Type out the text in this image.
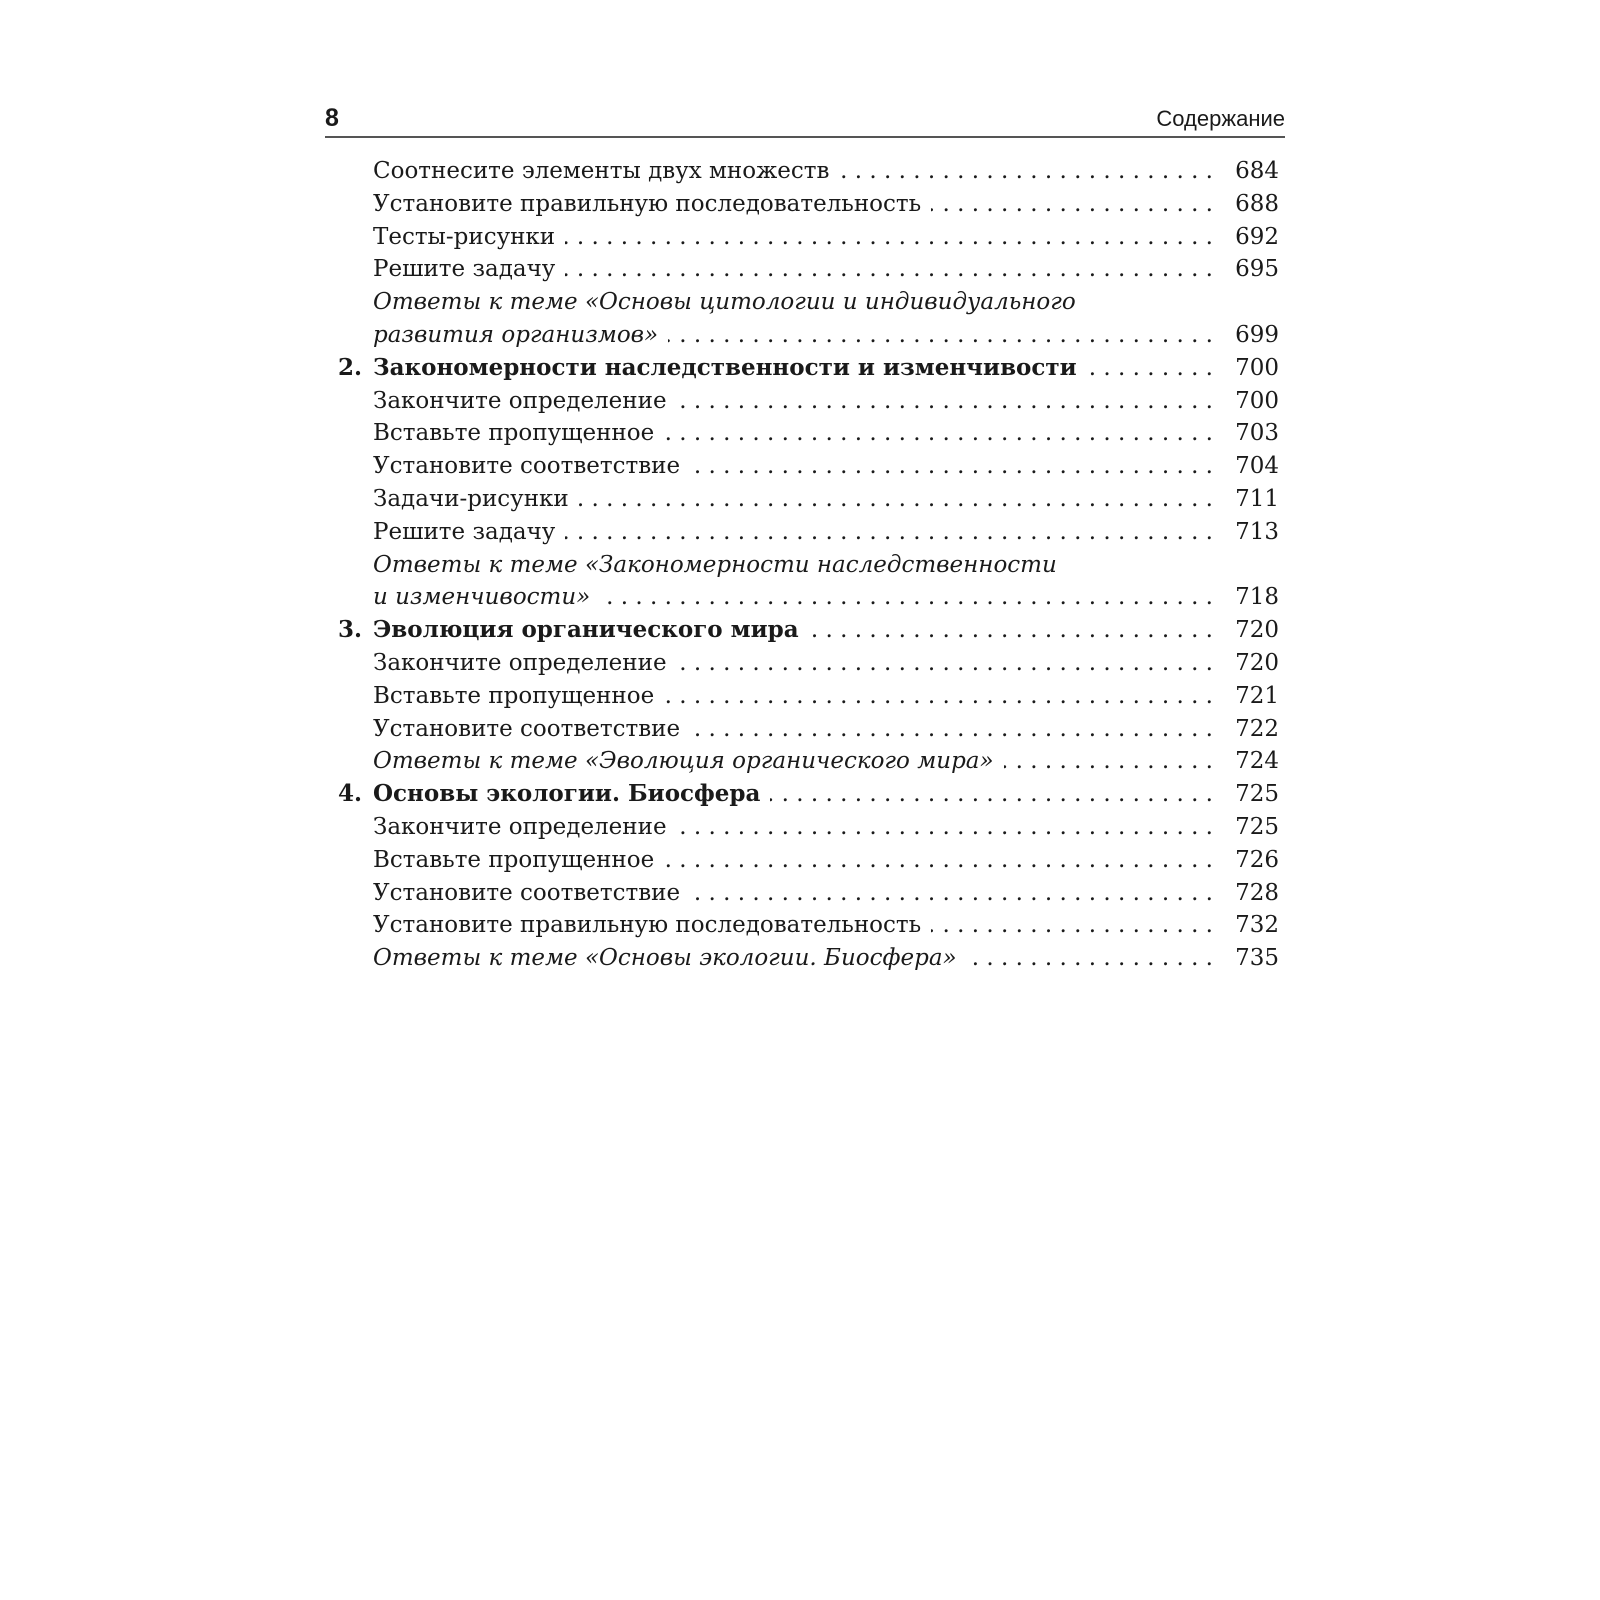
8	Содержание
Соотнесите элементы двух множеств . . .	684
Установите правильную последовательность . . .	688
Тесты-рисунки . . .	692
Решите задачу . . .	695
Ответы к теме «Основы цитологии и индивидуального
развития организмов» . . .	699
2. Закономерности наследственности и изменчивости . . .	700
Закончите определение . . .	700
Вставьте пропущенное . . .	703
Установите соответствие . . .	704
Задачи-рисунки . . .	711
Решите задачу . . .	713
Ответы к теме «Закономерности наследственности
и изменчивости» . . .	718
3. Эволюция органического мира . . .	720
Закончите определение . . .	720
Вставьте пропущенное . . .	721
Установите соответствие . . .	722
Ответы к теме «Эволюция органического мира» . . .	724
4. Основы экологии. Биосфера . . .	725
Закончите определение . . .	725
Вставьте пропущенное . . .	726
Установите соответствие . . .	728
Установите правильную последовательность . . .	732
Ответы к теме «Основы экологии. Биосфера» . . .	735
